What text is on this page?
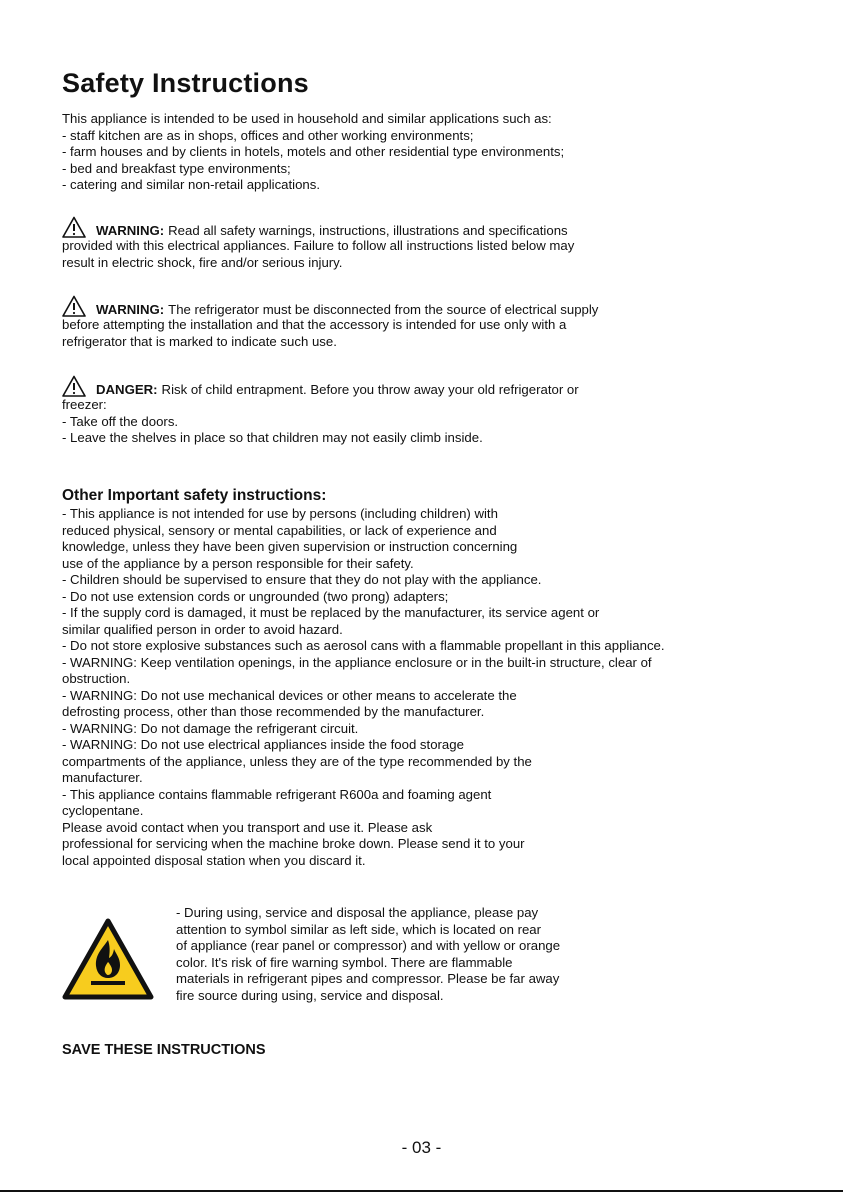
Safety Instructions
This appliance is intended to be used in household and similar applications such as:
- staff kitchen are as in shops, offices and other working environments;
- farm houses and by clients in hotels, motels and other residential type environments;
- bed and breakfast type environments;
- catering and similar non-retail applications.
WARNING: Read all safety warnings, instructions, illustrations and specifications
provided with this electrical appliances. Failure to follow all instructions listed below may
result in electric shock, fire and/or serious injury.
WARNING: The refrigerator must be disconnected from the source of electrical supply
before attempting the installation and that the accessory is intended for use only with a
refrigerator that is marked to indicate such use.
DANGER: Risk of child entrapment. Before you throw away your old refrigerator or
freezer:
- Take off the doors.
- Leave the shelves in place so that children may not easily climb inside.
Other Important safety instructions:
- This appliance is not intended for use by persons (including children) with
reduced physical, sensory or mental capabilities, or lack of experience and
knowledge, unless they have been given supervision or instruction concerning
use of the appliance by a person responsible for their safety.
- Children should be supervised to ensure that they do not play with the appliance.
- Do not use extension cords or ungrounded (two prong) adapters;
- If the supply cord is damaged, it must be replaced by the manufacturer, its service agent or
similar qualified person in order to avoid hazard.
- Do not store explosive substances such as aerosol cans with a flammable propellant in this appliance.
- WARNING: Keep ventilation openings, in the appliance enclosure or in the built-in structure, clear of
obstruction.
- WARNING: Do not use mechanical devices or other means to accelerate the
defrosting process, other than those recommended by the manufacturer.
- WARNING: Do not damage the refrigerant circuit.
- WARNING: Do not use electrical appliances inside the food storage
compartments of the appliance, unless they are of the type recommended by the
manufacturer.
- This appliance contains flammable refrigerant R600a and foaming agent
cyclopentane.
Please avoid contact when you transport and use it. Please ask
professional for servicing when the machine broke down. Please send it to your
local appointed disposal station when you discard it.
- During using, service and disposal the appliance, please pay
attention to symbol similar as left side, which is located on rear
of appliance (rear panel or compressor) and with yellow or orange
color. It's risk of fire warning symbol. There are flammable
materials in refrigerant pipes and compressor. Please be far away
fire source during using, service and disposal.

SAVE THESE INSTRUCTIONS

- 03 -
